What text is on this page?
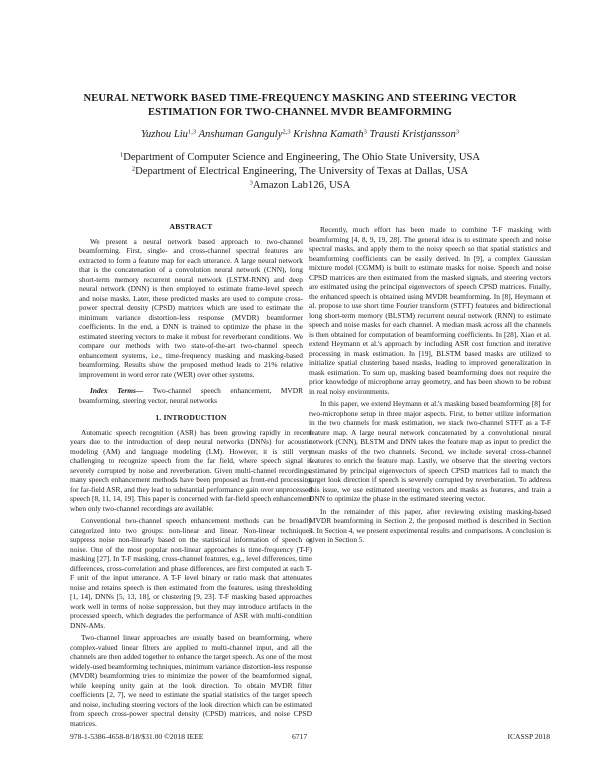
NEURAL NETWORK BASED TIME-FREQUENCY MASKING AND STEERING VECTOR
ESTIMATION FOR TWO-CHANNEL MVDR BEAMFORMING
Yuzhou Liu$^{1,3}$ Anshuman Ganguly$^{2,3}$ Krishna Kamath$^3$ Trausti Kristjansson$^3$
$^1$Department of Computer Science and Engineering, The Ohio State University, USA
$^2$Department of Electrical Engineering, The University of Texas at Dallas, USA
$^3$Amazon Lab126, USA
ABSTRACT

We present a neural network based approach to two-channel beamforming. First, single- and cross-channel spectral features are extracted to form a feature map for each utterance. A large neural network that is the concatenation of a convolution neural network (CNN), long short-term memory recurrent neural network (LSTM-RNN) and deep neural network (DNN) is then employed to estimate frame-level speech and noise masks. Later, these predicted masks are used to compute cross-power spectral density (CPSD) matrices which are used to estimate the minimum variance distortion-less response (MVDR) beamformer coefficients. In the end, a DNN is trained to optimize the phase in the estimated steering vectors to make it robust for reverberant conditions. We compare our methods with two state-of-the-art two-channel speech enhancement systems, i.e., time-frequency masking and masking-based beamforming. Results show the proposed method leads to 21% relative improvement in word error rate (WER) over other systems.

Index Terms— Two-channel speech enhancement, MVDR beamforming, steering vector, neural networks

1. INTRODUCTION

Automatic speech recognition (ASR) has been growing rapidly in recent years due to the introduction of deep neural networks (DNNs) for acoustic modeling (AM) and language modeling (LM). However, it is still very challenging to recognize speech from the far field, where speech signal is severely corrupted by noise and reverberation. Given multi-channel recordings, many speech enhancement methods have been proposed as front-end processing for far-field ASR, and they lead to substantial performance gain over unprocessed speech [8, 11, 14, 19]. This paper is concerned with far-field speech enhancement when only two-channel recordings are available.

Conventional two-channel speech enhancement methods can be broadly categorized into two groups: non-linear and linear. Non-linear techniques suppress noise non-linearly based on the statistical information of speech or noise. One of the most popular non-linear approaches is time-frequency (T-F) masking [27]. In T-F masking, cross-channel features, e.g., level differences, time differences, cross-correlation and phase differences, are first computed at each T-F unit of the input utterance. A T-F level binary or ratio mask that attenuates noise and retains speech is then estimated from the features, using thresholding [1, 14], DNNs [5, 13, 18], or clustering [9, 23]. T-F masking based approaches work well in terms of noise suppression, but they may introduce artifacts in the processed speech, which degrades the performance of ASR with multi-condition DNN-AMs.

Two-channel linear approaches are usually based on beamforming, where complex-valued linear filters are applied to multi-channel input, and all the channels are then added together to enhance the target speech. As one of the most widely-used beamforming techniques, minimum variance distortion-less response (MVDR) beamforming tries to minimize the power of the beamformed signal, while keeping unity gain at the look direction. To obtain MVDR filter coefficients [2, 7], we need to estimate the spatial statistics of the target speech and noise, including steering vectors of the look direction which can be estimated from speech cross-power spectral density (CPSD) matrices, and noise CPSD matrices.

Recently, much effort has been made to combine T-F masking with beamforming [4, 8, 9, 19, 28]. The general idea is to estimate speech and noise spectral masks, and apply them to the noisy speech so that spatial statistics and beamforming coefficients can be easily derived. In [9], a complex Gaussian mixture model (CGMM) is built to estimate masks for noise. Speech and noise CPSD matrices are then estimated from the masked signals, and steering vectors are estimated using the principal eigenvectors of speech CPSD matrices. Finally, the enhanced speech is obtained using MVDR beamforming. In [8], Heymann et al. propose to use short time Fourier transform (STFT) features and bidirectional long short-term memory (BLSTM) recurrent neural network (RNN) to estimate speech and noise masks for each channel. A median mask across all the channels is then obtained for computation of beamforming coefficients. In [28], Xiao et al. extend Heymann et al.'s approach by including ASR cost function and iterative processing in mask estimation. In [19], BLSTM based masks are utilized to initialize spatial clustering based masks, leading to improved generalization in mask estimation. To sum up, masking based beamforming does not require the prior knowledge of microphone array geometry, and has been shown to be robust in real noisy environments.

In this paper, we extend Heymann et al.'s masking based beamforming [8] for two-microphone setup in three major aspects. First, to better utilize information in the two channels for mask estimation, we stack two-channel STFT as a T-F feature map. A large neural network concatenated by a convolutional neural network (CNN), BLSTM and DNN takes the feature map as input to predict the mean masks of the two channels. Second, we include several cross-channel features to enrich the feature map. Lastly, we observe that the steering vectors estimated by principal eigenvectors of speech CPSD matrices fail to match the target look direction if speech is severely corrupted by reverberation. To address this issue, we use estimated steering vectors and masks as features, and train a DNN to optimize the phase in the estimated steering vector.

In the remainder of this paper, after reviewing existing masking-based MVDR beamforming in Section 2, the proposed method is described in Section 3. In Section 4, we present experimental results and comparisons. A conclusion is given in Section 5.

978-1-5386-4658-8/18/$31.00 ©2018 IEEE	6717	ICASSP 2018
